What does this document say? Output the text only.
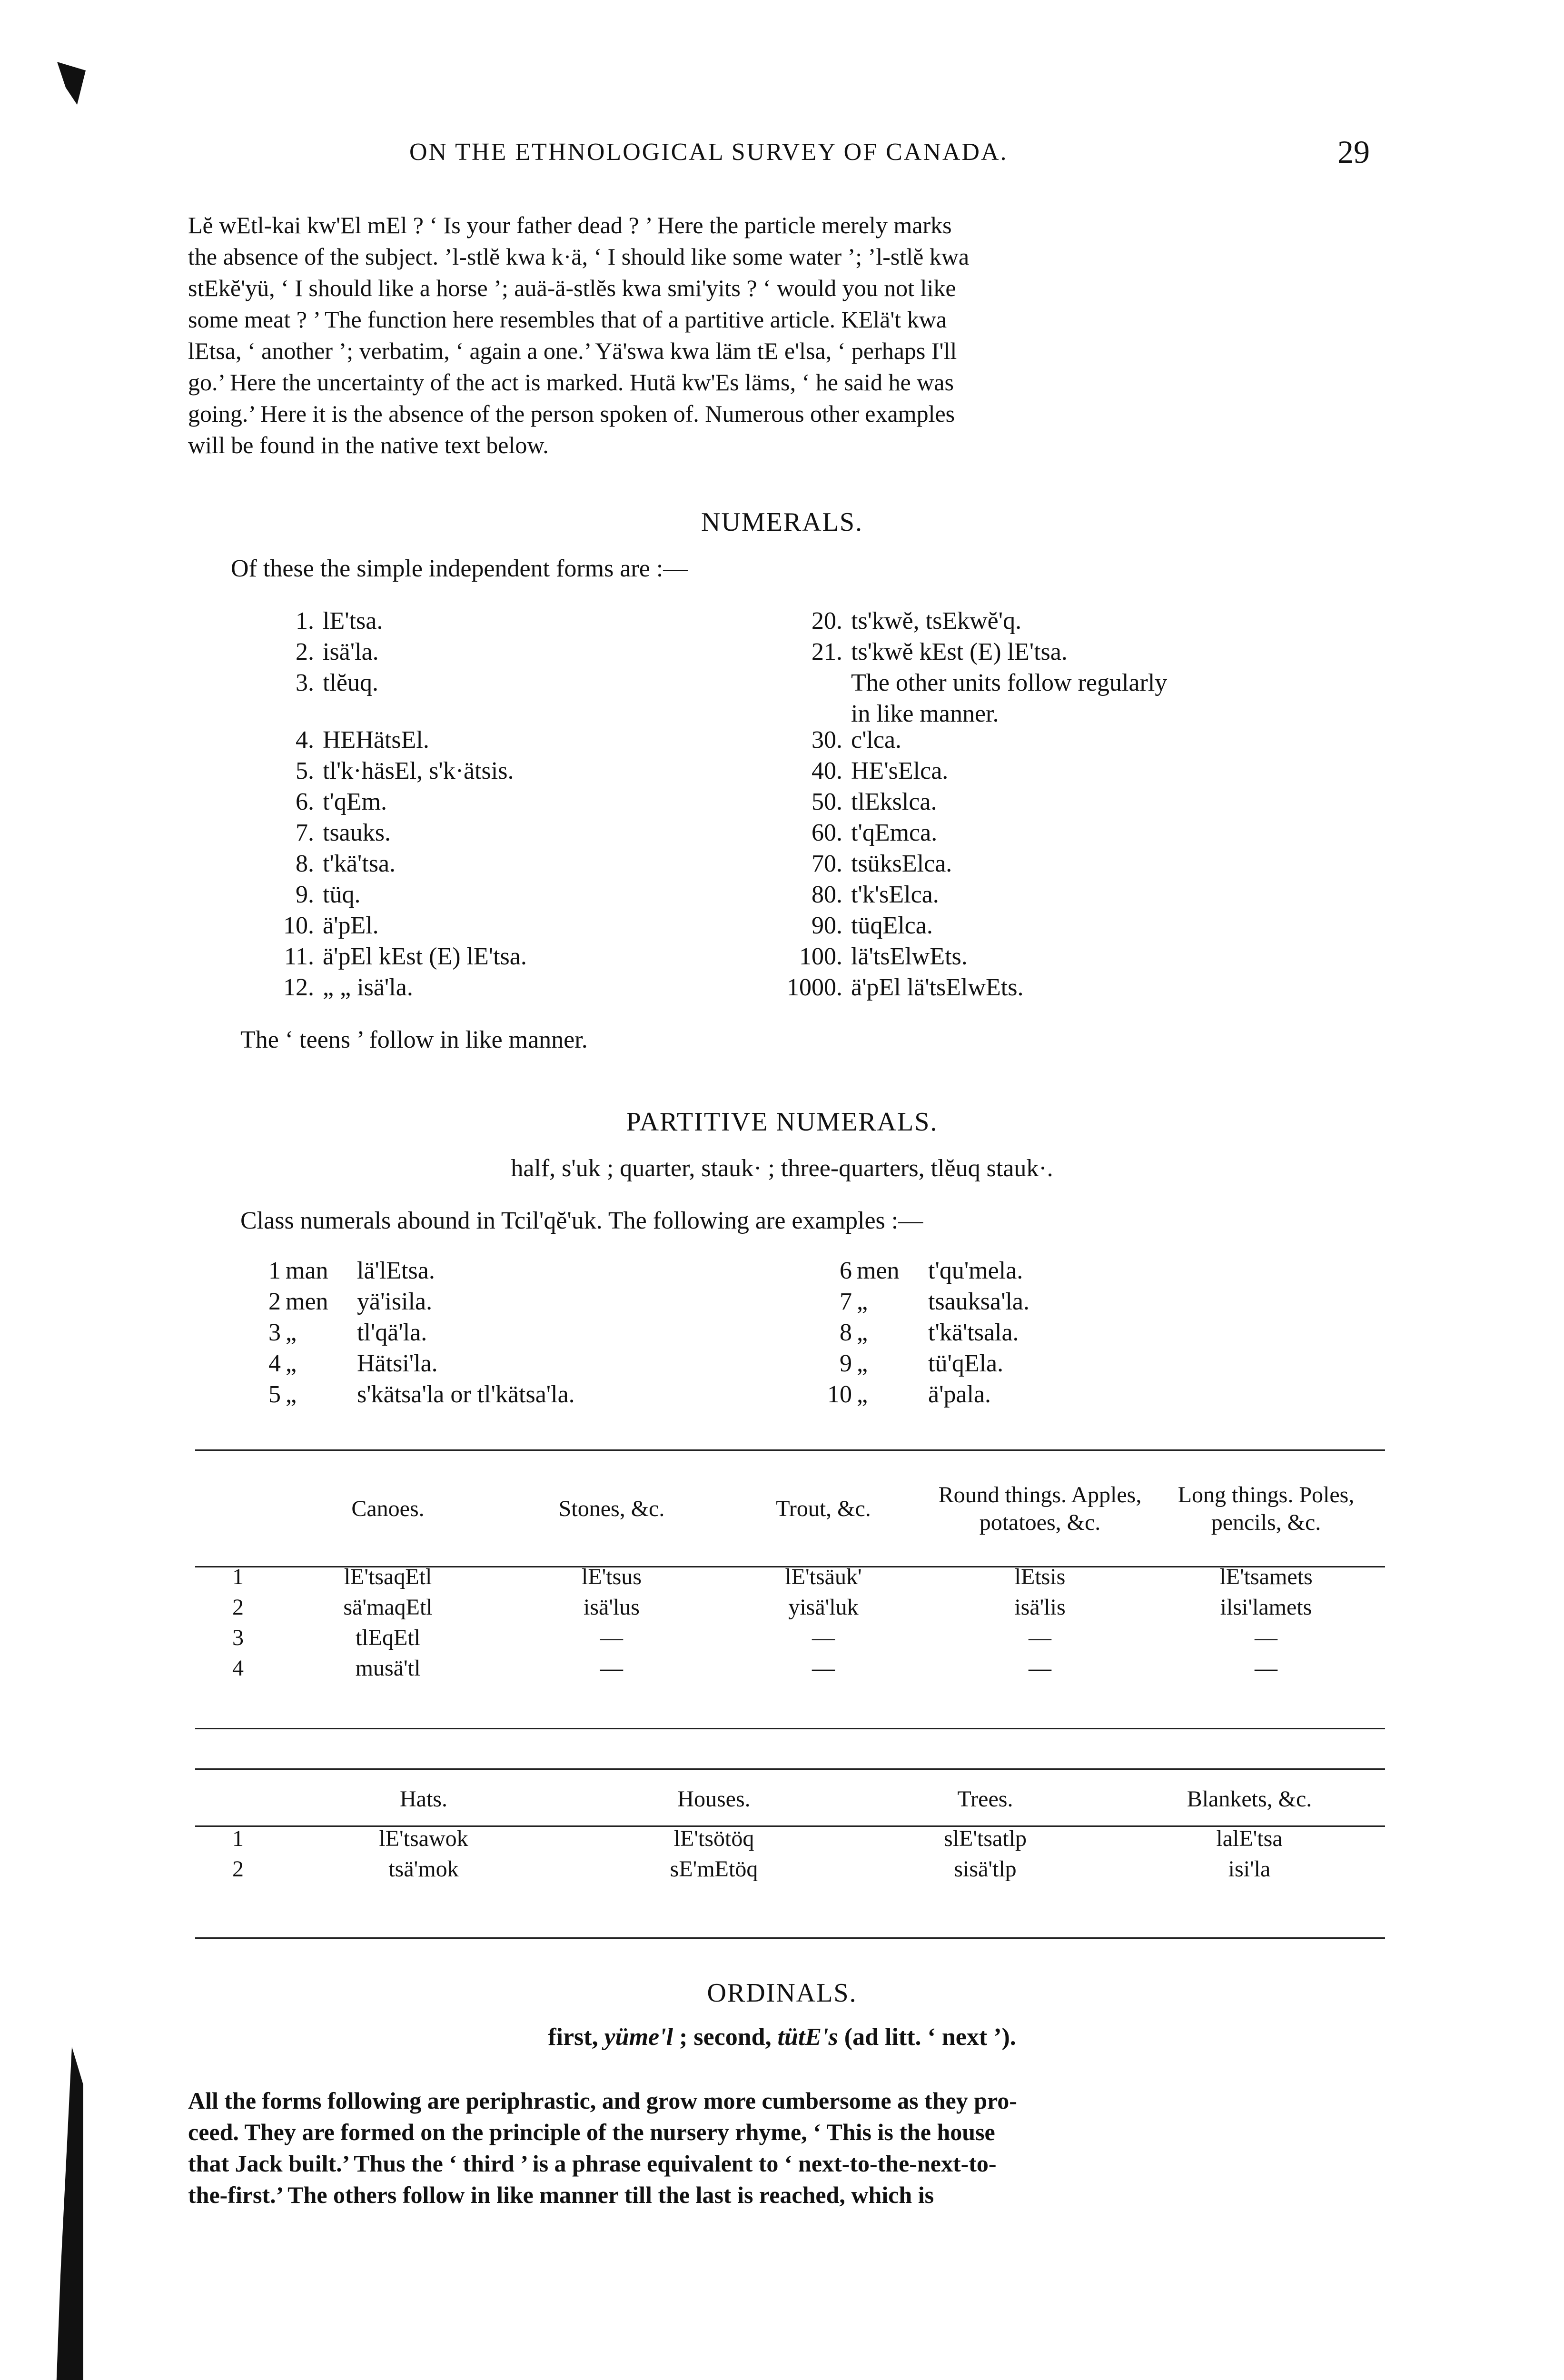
ON THE ETHNOLOGICAL SURVEY OF CANADA.	29
Lĕ wEtl-kai kw'El mEl ? ‘ Is your father dead ? ’ Here the particle merely marks
the absence of the subject. ’l-stlĕ kwa k·ä, ‘ I should like some water ’; ’l-stlĕ kwa
stEkĕ'yü, ‘ I should like a horse ’; auä-ä-stlĕs kwa smi'yits ? ‘ would you not like
some meat ? ’ The function here resembles that of a partitive article. KElä't kwa
lEtsa, ‘ another ’; verbatim, ‘ again a one.’ Yä'swa kwa läm tE e'lsa, ‘ perhaps I'll
go.’ Here the uncertainty of the act is marked. Hutä kw'Es läms, ‘ he said he was
going.’ Here it is the absence of the person spoken of. Numerous other examples
will be found in the native text below.
NUMERALS.
Of these the simple independent forms are :—
1. lE'tsa.
2. isä'la.
3. tlĕuq.
4. HEHätsEl.
5. tl'k·häsEl, s'k·ätsis.
6. t'qEm.
7. tsauks.
8. t'kä'tsa.
9. tüq.
10. ä'pEl.
11. ä'pEl kEst (E) lE'tsa.
12. „ „ isä'la.
20. ts'kwĕ, tsEkwĕ'q.
21. ts'kwĕ kEst (E) lE'tsa.
The other units follow regularly
in like manner.
30. c'lca.
40. HE'sElca.
50. tlEkslca.
60. t'qEmca.
70. tsüksElca.
80. t'k'sElca.
90. tüqElca.
100. lä'tsElwEts.
1000. ä'pEl lä'tsElwEts.
The ‘ teens ’ follow in like manner.
PARTITIVE NUMERALS.
half, s'uk ; quarter, stauk· ; three-quarters, tlĕuq stauk·.
Class numerals abound in Tcil'qĕ'uk. The following are examples :—
1 man lä'lEtsa.
2 men yä'isila.
3 „ tl'qä'la.
4 „ Hätsi'la.
5 „ s'kätsa'la or tl'kätsa'la.
6 men t'qu'mela.
7 „ tsauksa'la.
8 „ t'kä'tsala.
9 „ tü'qEla.
10 „ ä'pala.
	Canoes.	Stones, &c.	Trout, &c.	Round things. Apples, potatoes, &c.	Long things. Poles, pencils, &c.
1	lE'tsaqEtl	lE'tsus	lE'tsäuk'	lEtsis	lE'tsamets
2	sä'maqEtl	isä'lus	yisä'luk	isä'lis	ilsi'lamets
3	tlEqEtl	—	—	—	—
4	musä'tl	—	—	—	—
	Hats.	Houses.	Trees.	Blankets, &c.
1	lE'tsawok	lE'tsötöq	slE'tsatlp	lalE'tsa
2	tsä'mok	sE'mEtöq	sisä'tlp	isi'la
ORDINALS.
first, yüme'l ; second, tütE's (ad litt. ‘ next ’).
All the forms following are periphrastic, and grow more cumbersome as they pro-
ceed. They are formed on the principle of the nursery rhyme, ‘ This is the house
that Jack built.’ Thus the ‘ third ’ is a phrase equivalent to ‘ next-to-the-next-to-
the-first.’ The others follow in like manner till the last is reached, which is
